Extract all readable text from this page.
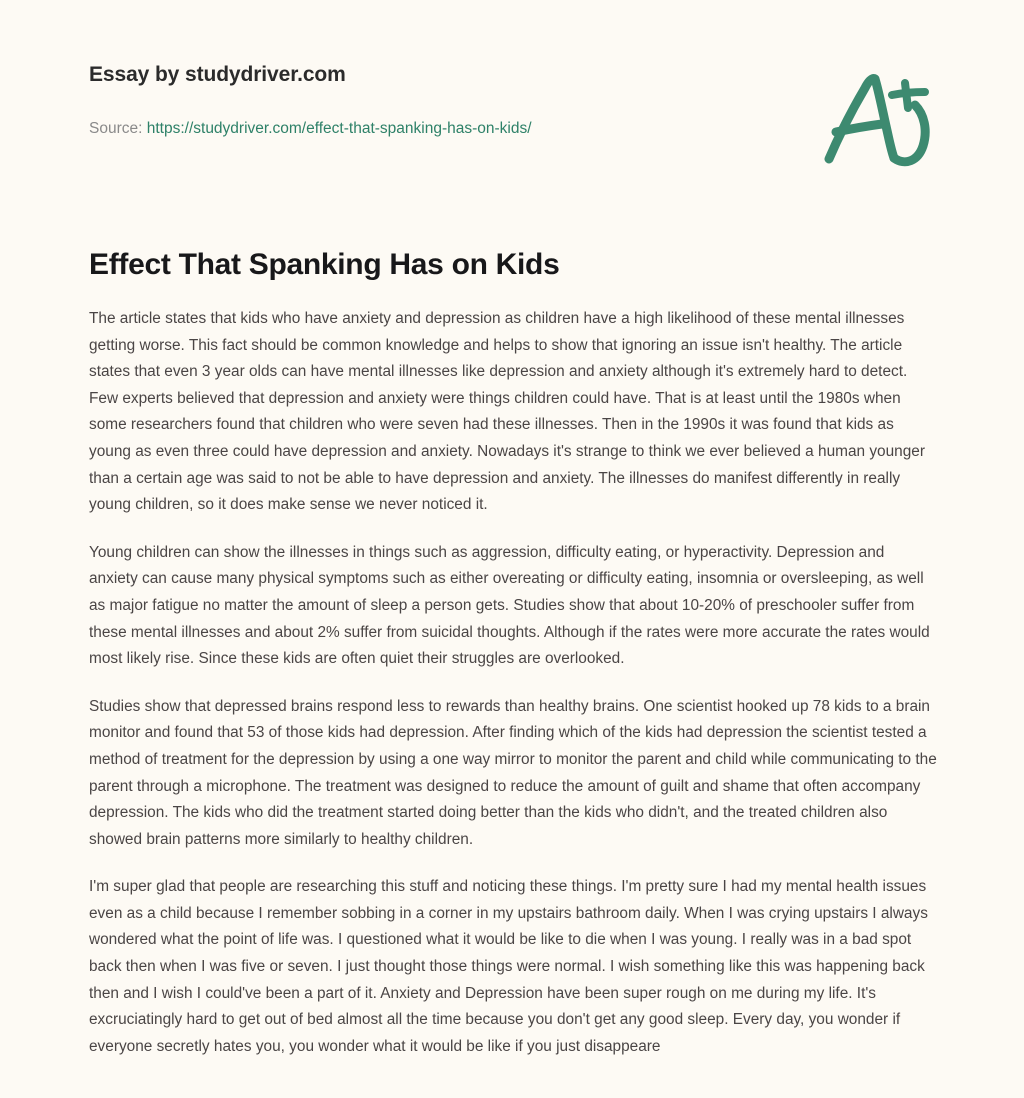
Essay by studydriver.com
Source: https://studydriver.com/effect-that-spanking-has-on-kids/
Effect That Spanking Has on Kids

The article states that kids who have anxiety and depression as children have a high likelihood of these mental illnesses getting worse. This fact should be common knowledge and helps to show that ignoring an issue isn't healthy. The article states that even 3 year olds can have mental illnesses like depression and anxiety although it's extremely hard to detect. Few experts believed that depression and anxiety were things children could have. That is at least until the 1980s when some researchers found that children who were seven had these illnesses. Then in the 1990s it was found that kids as young as even three could have depression and anxiety. Nowadays it's strange to think we ever believed a human younger than a certain age was said to not be able to have depression and anxiety. The illnesses do manifest differently in really young children, so it does make sense we never noticed it.

Young children can show the illnesses in things such as aggression, difficulty eating, or hyperactivity. Depression and anxiety can cause many physical symptoms such as either overeating or difficulty eating, insomnia or oversleeping, as well as major fatigue no matter the amount of sleep a person gets. Studies show that about 10-20% of preschooler suffer from these mental illnesses and about 2% suffer from suicidal thoughts. Although if the rates were more accurate the rates would most likely rise. Since these kids are often quiet their struggles are overlooked.

Studies show that depressed brains respond less to rewards than healthy brains. One scientist hooked up 78 kids to a brain monitor and found that 53 of those kids had depression. After finding which of the kids had depression the scientist tested a method of treatment for the depression by using a one way mirror to monitor the parent and child while communicating to the parent through a microphone. The treatment was designed to reduce the amount of guilt and shame that often accompany depression. The kids who did the treatment started doing better than the kids who didn't, and the treated children also showed brain patterns more similarly to healthy children.

I'm super glad that people are researching this stuff and noticing these things. I'm pretty sure I had my mental health issues even as a child because I remember sobbing in a corner in my upstairs bathroom daily. When I was crying upstairs I always wondered what the point of life was. I questioned what it would be like to die when I was young. I really was in a bad spot back then when I was five or seven. I just thought those things were normal. I wish something like this was happening back then and I wish I could've been a part of it. Anxiety and Depression have been super rough on me during my life. It's excruciatingly hard to get out of bed almost all the time because you don't get any good sleep. Every day, you wonder if everyone secretly hates you, you wonder what it would be like if you just disappeare
